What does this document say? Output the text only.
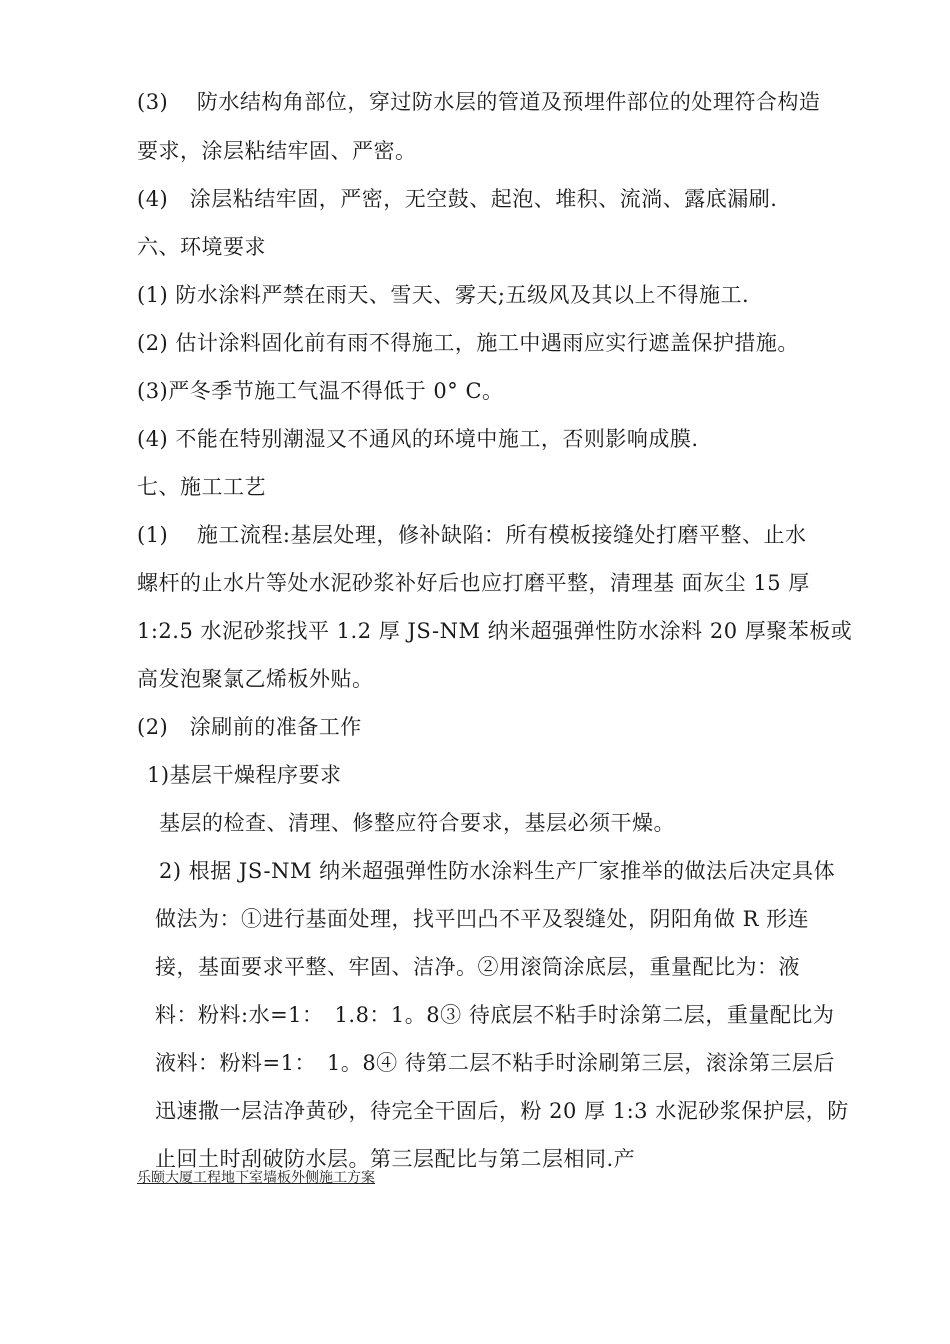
(3)　 防水结构角部位，穿过防水层的管道及预埋件部位的处理符合构造
要求，涂层粘结牢固、严密。
(4)　涂层粘结牢固，严密，无空鼓、起泡、堆积、流淌、露底漏刷.
六、环境要求
(1) 防水涂料严禁在雨天、雪天、雾天;五级风及其以上不得施工.
(2) 估计涂料固化前有雨不得施工，施工中遇雨应实行遮盖保护措施。
(3)严冬季节施工气温不得低于 0° C。
(4) 不能在特别潮湿又不通风的环境中施工，否则影响成膜.
七、施工工艺
(1)　 施工流程:基层处理，修补缺陷：所有模板接缝处打磨平整、止水
螺杆的止水片等处水泥砂浆补好后也应打磨平整，清理基 面灰尘 15 厚
1:2.5 水泥砂浆找平 1.2 厚 JS-NM 纳米超强弹性防水涂料 20 厚聚苯板或
高发泡聚氯乙烯板外贴。
(2)　涂刷前的准备工作
1)基层干燥程序要求
基层的检查、清理、修整应符合要求，基层必须干燥。
2) 根据 JS-NM 纳米超强弹性防水涂料生产厂家推举的做法后决定具体
做法为：①进行基面处理，找平凹凸不平及裂缝处，阴阳角做 R 形连
接，基面要求平整、牢固、洁净。②用滚筒涂底层，重量配比为：液
料：粉料:水=1：　1.8：1。8③ 待底层不粘手时涂第二层，重量配比为
液料：粉料=1：　1。8④ 待第二层不粘手时涂刷第三层，滚涂第三层后
迅速撒一层洁净黄砂，待完全干固后，粉 20 厚 1:3 水泥砂浆保护层，防
止回土时刮破防水层。第三层配比与第二层相同.产
乐颐大厦工程地下室墙板外侧施工方案
